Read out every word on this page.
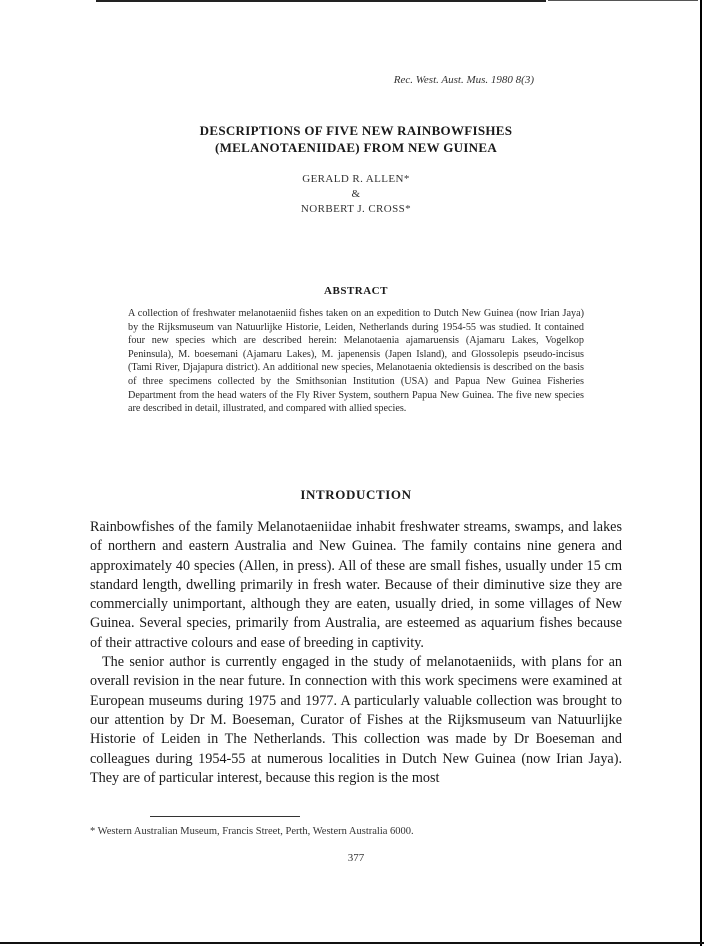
Rec. West. Aust. Mus. 1980 8(3)
DESCRIPTIONS OF FIVE NEW RAINBOWFISHES
(MELANOTAENIIDAE) FROM NEW GUINEA
GERALD R. ALLEN*
&
NORBERT J. CROSS*
ABSTRACT
A collection of freshwater melanotaeniid fishes taken on an expedition to Dutch New Guinea (now Irian Jaya) by the Rijksmuseum van Natuurlijke Historie, Leiden, Netherlands during 1954-55 was studied. It contained four new species which are described herein: Melanotaenia ajamaruensis (Ajamaru Lakes, Vogelkop Peninsula), M. boesemani (Ajamaru Lakes), M. japenensis (Japen Island), and Glossolepis pseudo-incisus (Tami River, Djajapura district). An additional new species, Melanotaenia oktediensis is described on the basis of three specimens collected by the Smithsonian Institution (USA) and Papua New Guinea Fisheries Department from the head waters of the Fly River System, southern Papua New Guinea. The five new species are described in detail, illustrated, and compared with allied species.
INTRODUCTION

Rainbowfishes of the family Melanotaeniidae inhabit freshwater streams, swamps, and lakes of northern and eastern Australia and New Guinea. The family contains nine genera and approximately 40 species (Allen, in press). All of these are small fishes, usually under 15 cm standard length, dwelling primarily in fresh water. Because of their diminutive size they are commercially unimportant, although they are eaten, usually dried, in some villages of New Guinea. Several species, primarily from Australia, are esteemed as aquarium fishes because of their attractive colours and ease of breeding in captivity.

The senior author is currently engaged in the study of melanotaeniids, with plans for an overall revision in the near future. In connection with this work specimens were examined at European museums during 1975 and 1977. A particularly valuable collection was brought to our attention by Dr M. Boeseman, Curator of Fishes at the Rijksmuseum van Natuurlijke Historie of Leiden in The Netherlands. This collection was made by Dr Boeseman and colleagues during 1954-55 at numerous localities in Dutch New Guinea (now Irian Jaya). They are of particular interest, because this region is the most

* Western Australian Museum, Francis Street, Perth, Western Australia 6000.
377
